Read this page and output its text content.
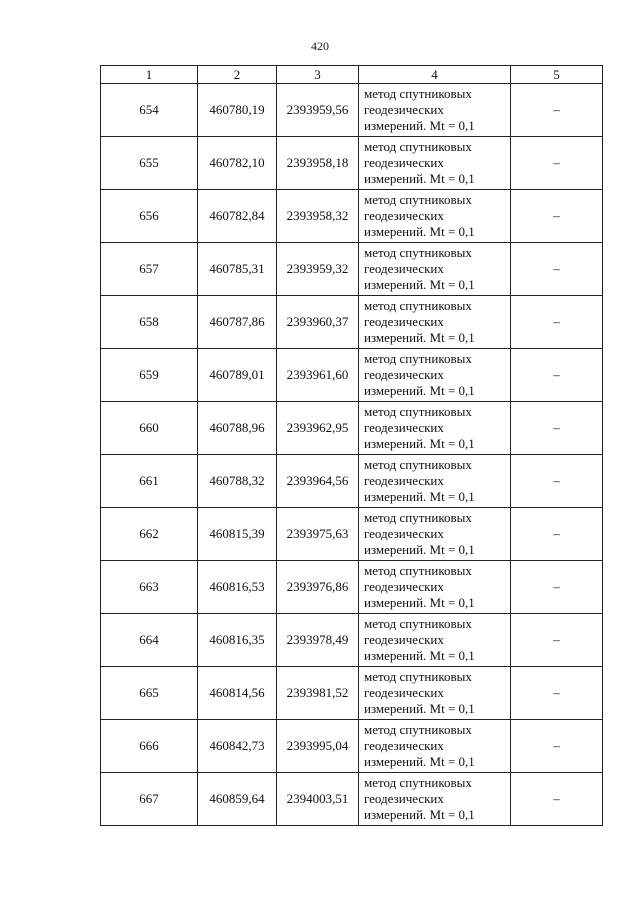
420
1	2	3	4	5
654	460780,19	2393959,56	метод спутниковых
геодезических
измерений. Mt = 0,1	–
655	460782,10	2393958,18	метод спутниковых
геодезических
измерений. Mt = 0,1	–
656	460782,84	2393958,32	метод спутниковых
геодезических
измерений. Mt = 0,1	–
657	460785,31	2393959,32	метод спутниковых
геодезических
измерений. Mt = 0,1	–
658	460787,86	2393960,37	метод спутниковых
геодезических
измерений. Mt = 0,1	–
659	460789,01	2393961,60	метод спутниковых
геодезических
измерений. Mt = 0,1	–
660	460788,96	2393962,95	метод спутниковых
геодезических
измерений. Mt = 0,1	–
661	460788,32	2393964,56	метод спутниковых
геодезических
измерений. Mt = 0,1	–
662	460815,39	2393975,63	метод спутниковых
геодезических
измерений. Mt = 0,1	–
663	460816,53	2393976,86	метод спутниковых
геодезических
измерений. Mt = 0,1	–
664	460816,35	2393978,49	метод спутниковых
геодезических
измерений. Mt = 0,1	–
665	460814,56	2393981,52	метод спутниковых
геодезических
измерений. Mt = 0,1	–
666	460842,73	2393995,04	метод спутниковых
геодезических
измерений. Mt = 0,1	–
667	460859,64	2394003,51	метод спутниковых
геодезических
измерений. Mt = 0,1	–
